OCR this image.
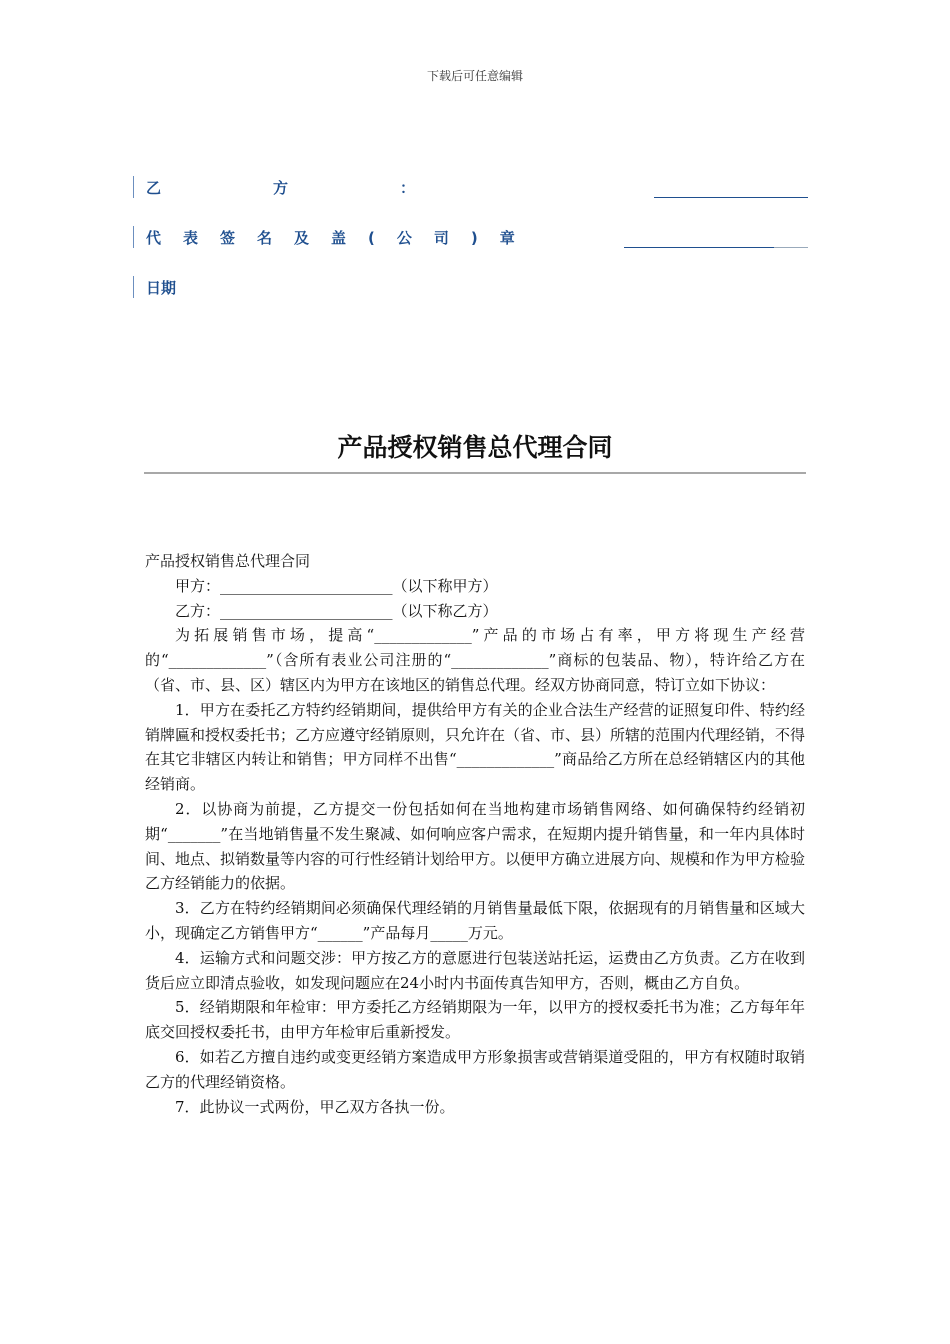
下载后可任意编辑
乙方：
代表签名及盖(公司)章
日期
产品授权销售总代理合同

产品授权销售总代理合同

甲方：_______________________（以下称甲方）

乙方：_______________________（以下称乙方）

为拓展销售市场，提高“_____________”产品的市场占有率，甲方将现生产经营的“_____________”（含所有表业公司注册的“_____________”商标的包装品、物），特许给乙方在（省、市、县、区）辖区内为甲方在该地区的销售总代理。经双方协商同意，特订立如下协议：

1．甲方在委托乙方特约经销期间，提供给甲方有关的企业合法生产经营的证照复印件、特约经销牌匾和授权委托书；乙方应遵守经销原则，只允许在（省、市、县）所辖的范围内代理经销，不得在其它非辖区内转让和销售；甲方同样不出售“_____________”商品给乙方所在总经销辖区内的其他经销商。

2．以协商为前提，乙方提交一份包括如何在当地构建市场销售网络、如何确保特约经销初期“_______”在当地销售量不发生聚减、如何响应客户需求，在短期内提升销售量，和一年内具体时间、地点、拟销数量等内容的可行性经销计划给甲方。以便甲方确立进展方向、规模和作为甲方检验乙方经销能力的依据。

3．乙方在特约经销期间必须确保代理经销的月销售量最低下限，依据现有的月销售量和区域大小，现确定乙方销售甲方“______”产品每月_____万元。

4．运输方式和问题交涉：甲方按乙方的意愿进行包装送站托运，运费由乙方负责。乙方在收到货后应立即清点验收，如发现问题应在24小时内书面传真告知甲方，否则，概由乙方自负。

5．经销期限和年检审：甲方委托乙方经销期限为一年，以甲方的授权委托书为准；乙方每年年底交回授权委托书，由甲方年检审后重新授发。

6．如若乙方擅自违约或变更经销方案造成甲方形象损害或营销渠道受阻的，甲方有权随时取销乙方的代理经销资格。

7．此协议一式两份，甲乙双方各执一份。
